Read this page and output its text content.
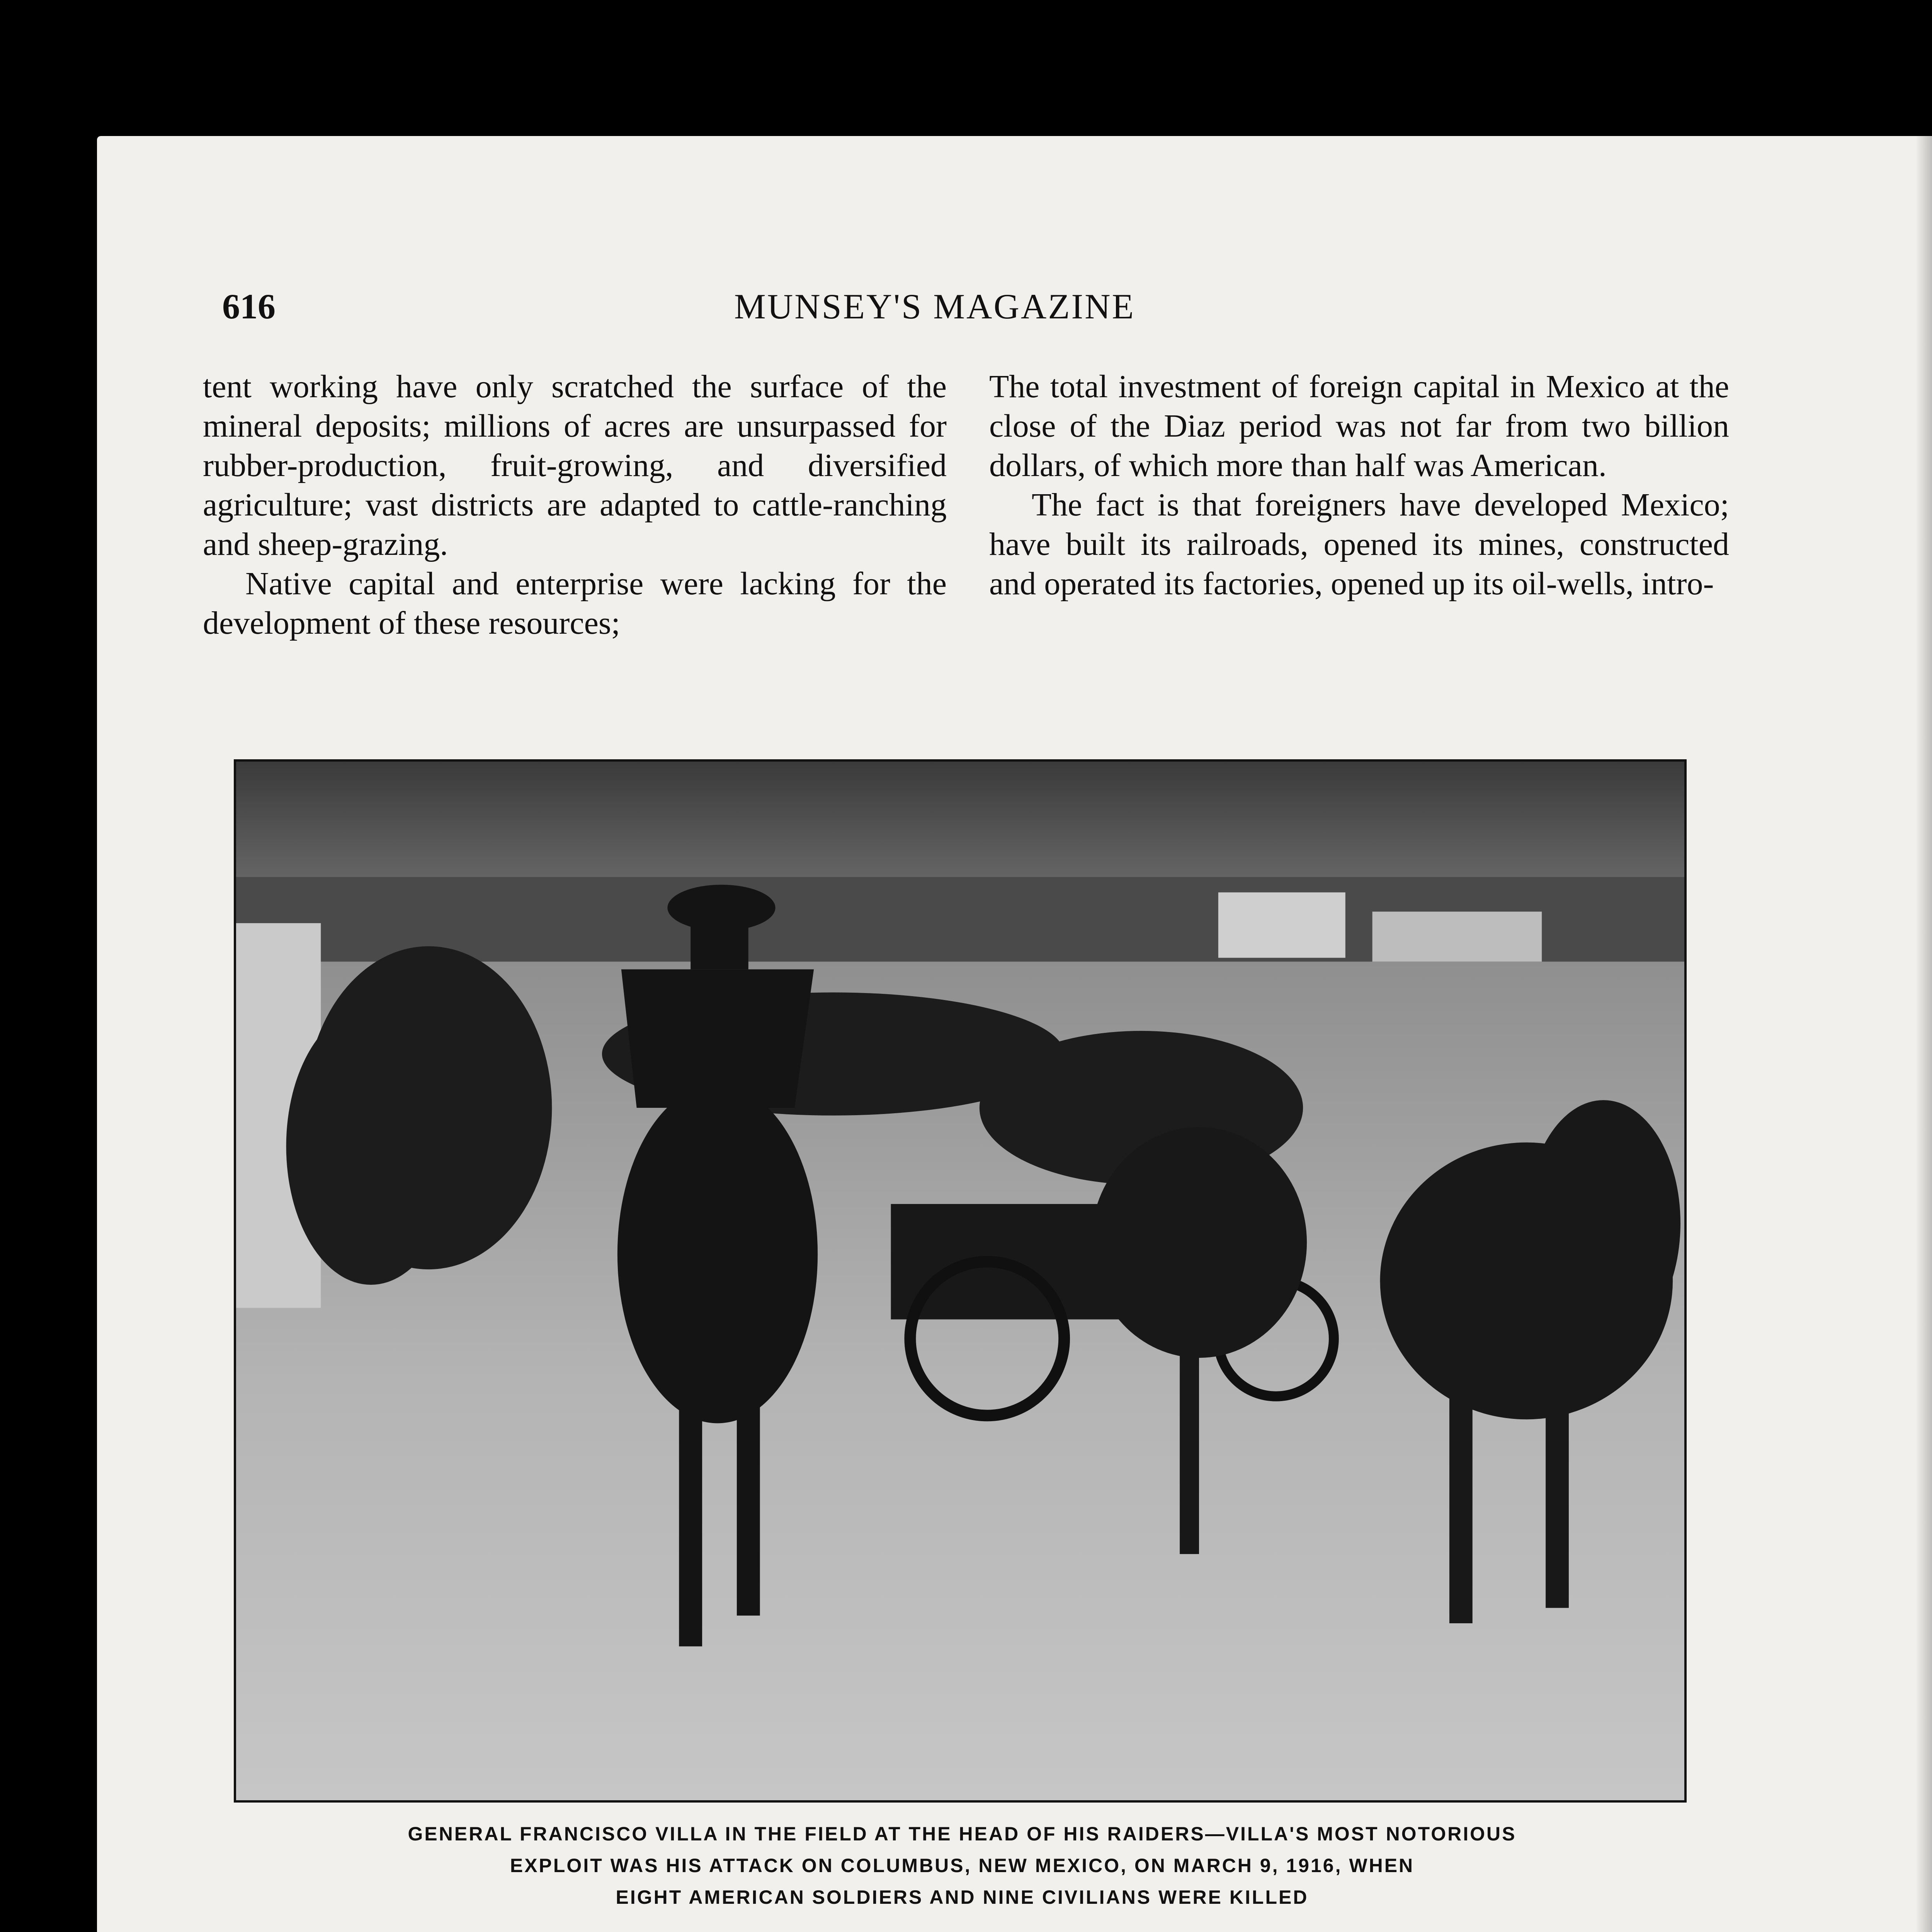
616	MUNSEY'S MAGAZINE

tent working have only scratched the surface of the mineral deposits; millions of acres are unsurpassed for rubber-production, fruit-growing, and diversified agriculture; vast districts are adapted to cattle-ranching and sheep-grazing.

Native capital and enterprise were lacking for the development of these resources;

The total investment of foreign capital in Mexico at the close of the Diaz period was not far from two billion dollars, of which more than half was American.

The fact is that foreigners have developed Mexico; have built its railroads, opened its mines, constructed and operated its factories, opened up its oil-wells, intro-

GENERAL FRANCISCO VILLA IN THE FIELD AT THE HEAD OF HIS RAIDERS—VILLA'S MOST NOTORIOUS
EXPLOIT WAS HIS ATTACK ON COLUMBUS, NEW MEXICO, ON MARCH 9, 1916, WHEN
EIGHT AMERICAN SOLDIERS AND NINE CIVILIANS WERE KILLED
